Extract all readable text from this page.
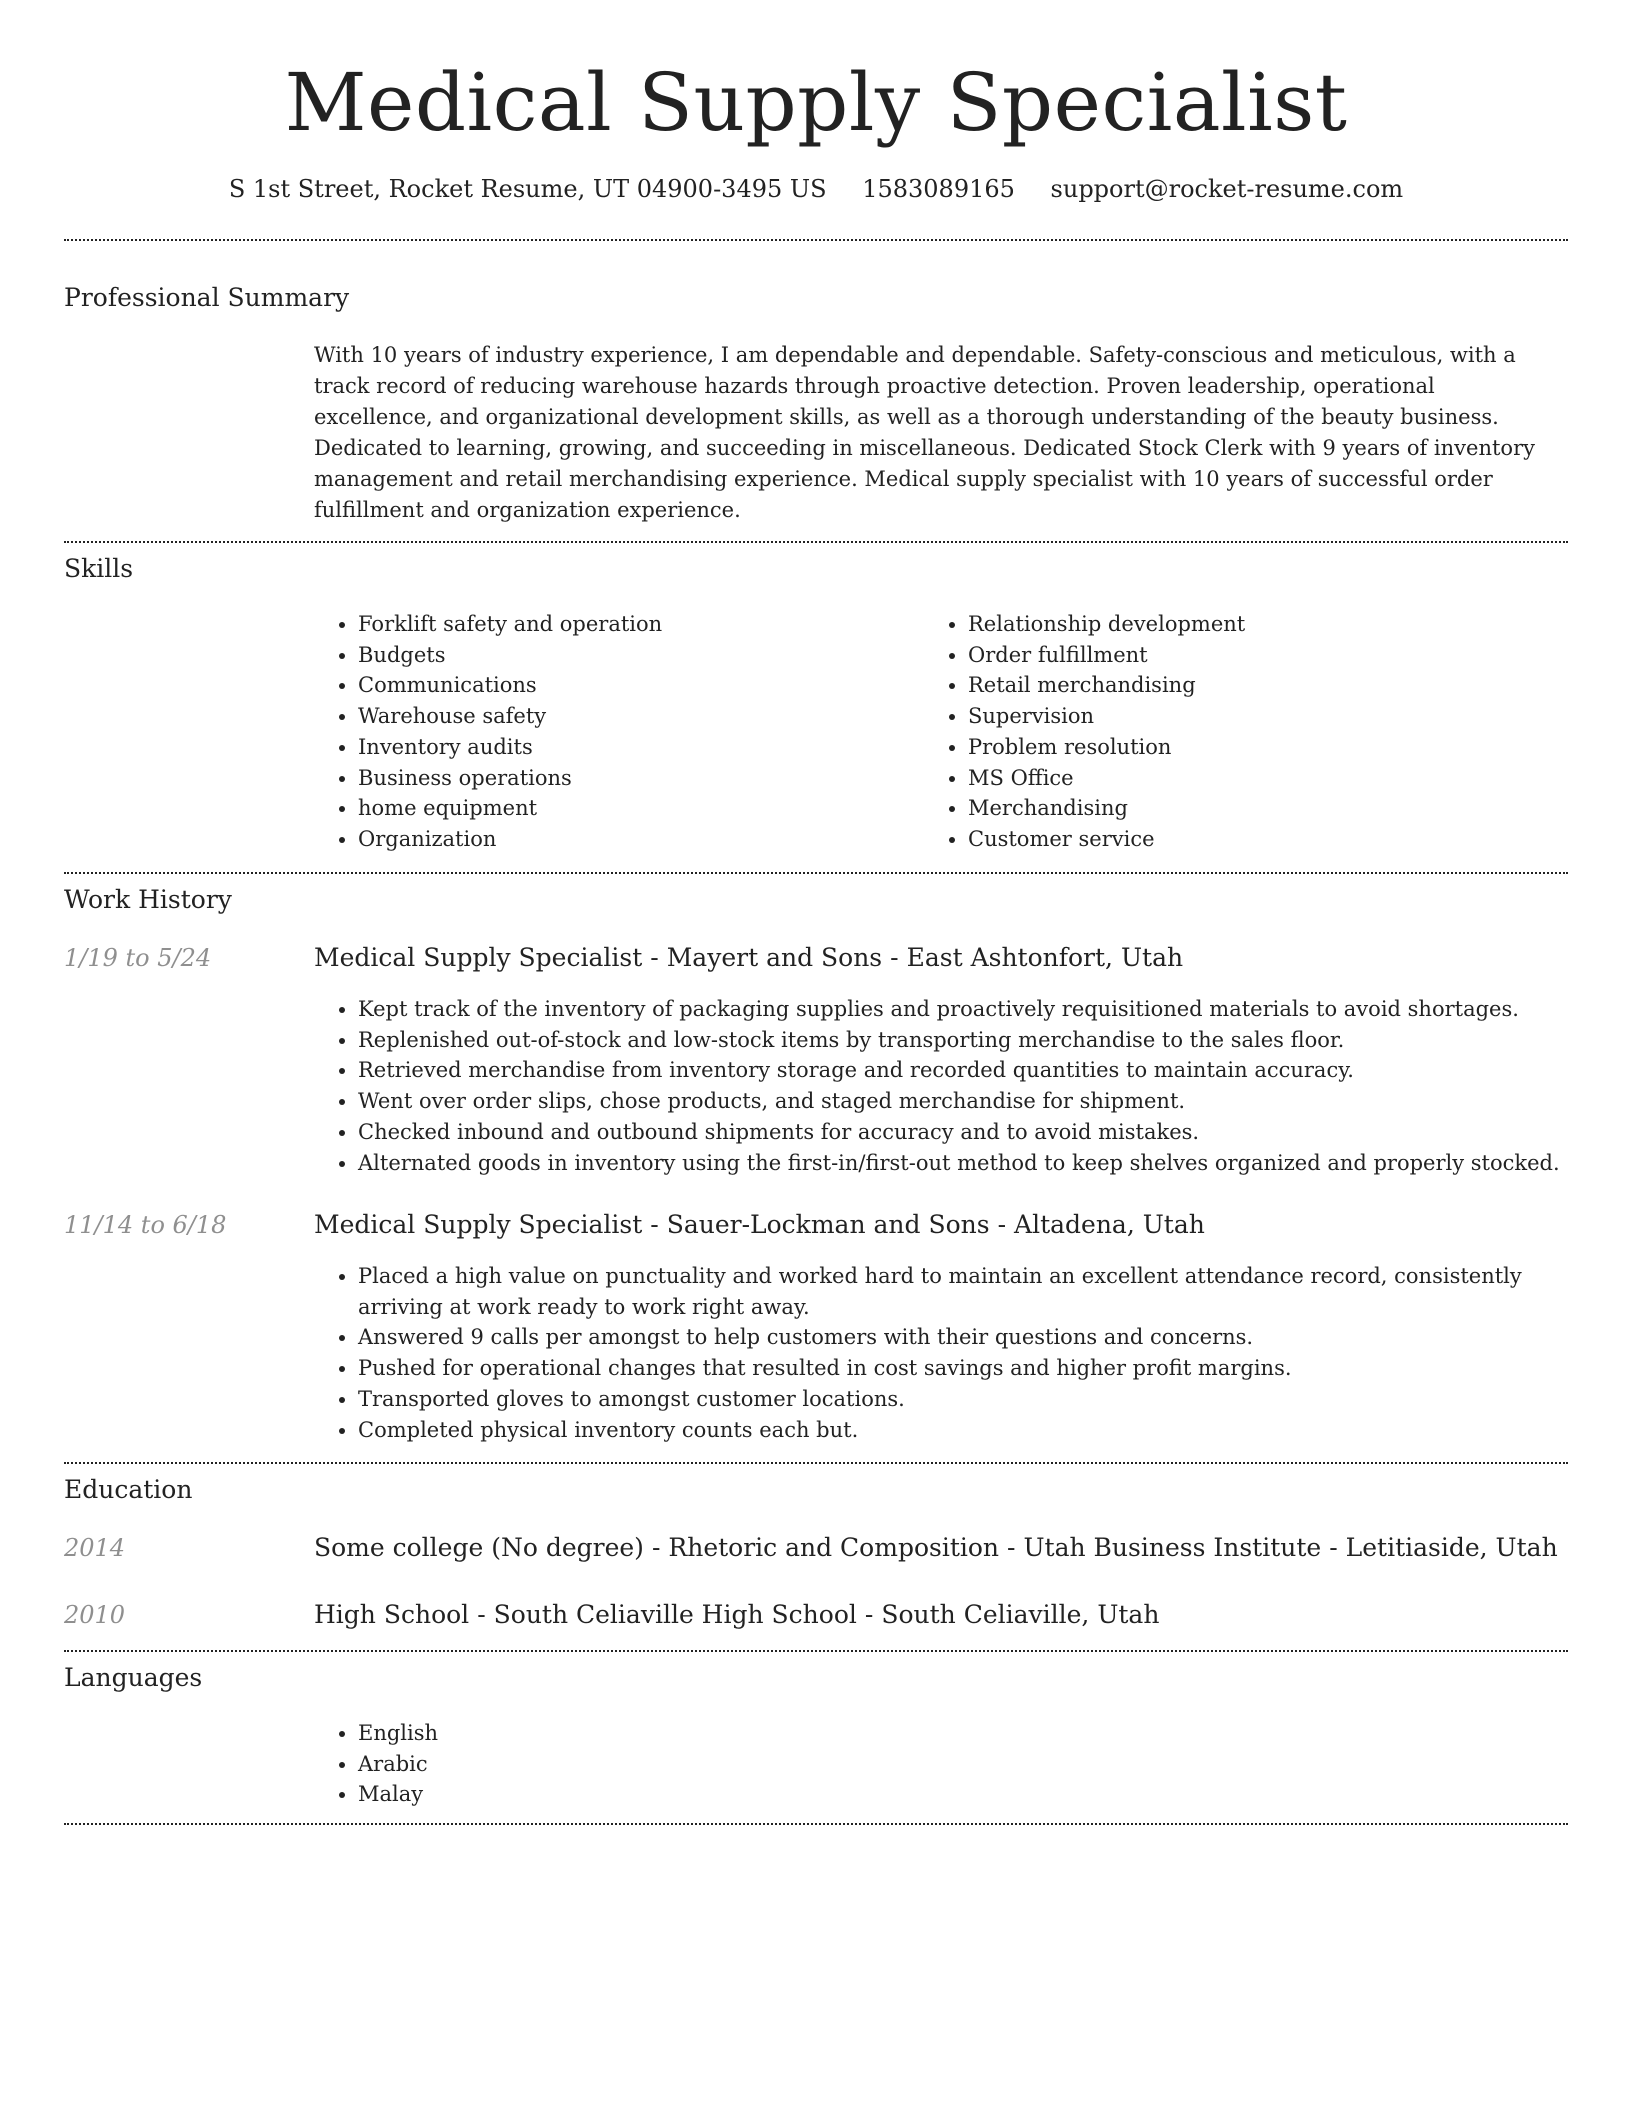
Medical Supply Specialist
S 1st Street, Rocket Resume, UT 04900-3495 US 1583089165 support@rocket-resume.com
Professional Summary

With 10 years of industry experience, I am dependable and dependable. Safety-conscious and meticulous, with a track record of reducing warehouse hazards through proactive detection. Proven leadership, operational excellence, and organizational development skills, as well as a thorough understanding of the beauty business. Dedicated to learning, growing, and succeeding in miscellaneous. Dedicated Stock Clerk with 9 years of inventory management and retail merchandising experience. Medical supply specialist with 10 years of successful order fulfillment and organization experience.

Skills
• Forklift safety and operation
• Budgets
• Communications
• Warehouse safety
• Inventory audits
• Business operations
• home equipment
• Organization
• Relationship development
• Order fulfillment
• Retail merchandising
• Supervision
• Problem resolution
• MS Office
• Merchandising
• Customer service
Work History
1/19 to 5/24	Medical Supply Specialist - Mayert and Sons - East Ashtonfort, Utah
• Kept track of the inventory of packaging supplies and proactively requisitioned materials to avoid shortages.
• Replenished out-of-stock and low-stock items by transporting merchandise to the sales floor.
• Retrieved merchandise from inventory storage and recorded quantities to maintain accuracy.
• Went over order slips, chose products, and staged merchandise for shipment.
• Checked inbound and outbound shipments for accuracy and to avoid mistakes.
• Alternated goods in inventory using the first-in/first-out method to keep shelves organized and properly stocked.
11/14 to 6/18	Medical Supply Specialist - Sauer-Lockman and Sons - Altadena, Utah
• Placed a high value on punctuality and worked hard to maintain an excellent attendance record, consistently arriving at work ready to work right away.
• Answered 9 calls per amongst to help customers with their questions and concerns.
• Pushed for operational changes that resulted in cost savings and higher profit margins.
• Transported gloves to amongst customer locations.
• Completed physical inventory counts each but.
Education
2014	Some college (No degree) - Rhetoric and Composition - Utah Business Institute - Letitiaside, Utah
2010	High School - South Celiaville High School - South Celiaville, Utah
Languages
• English
• Arabic
• Malay
